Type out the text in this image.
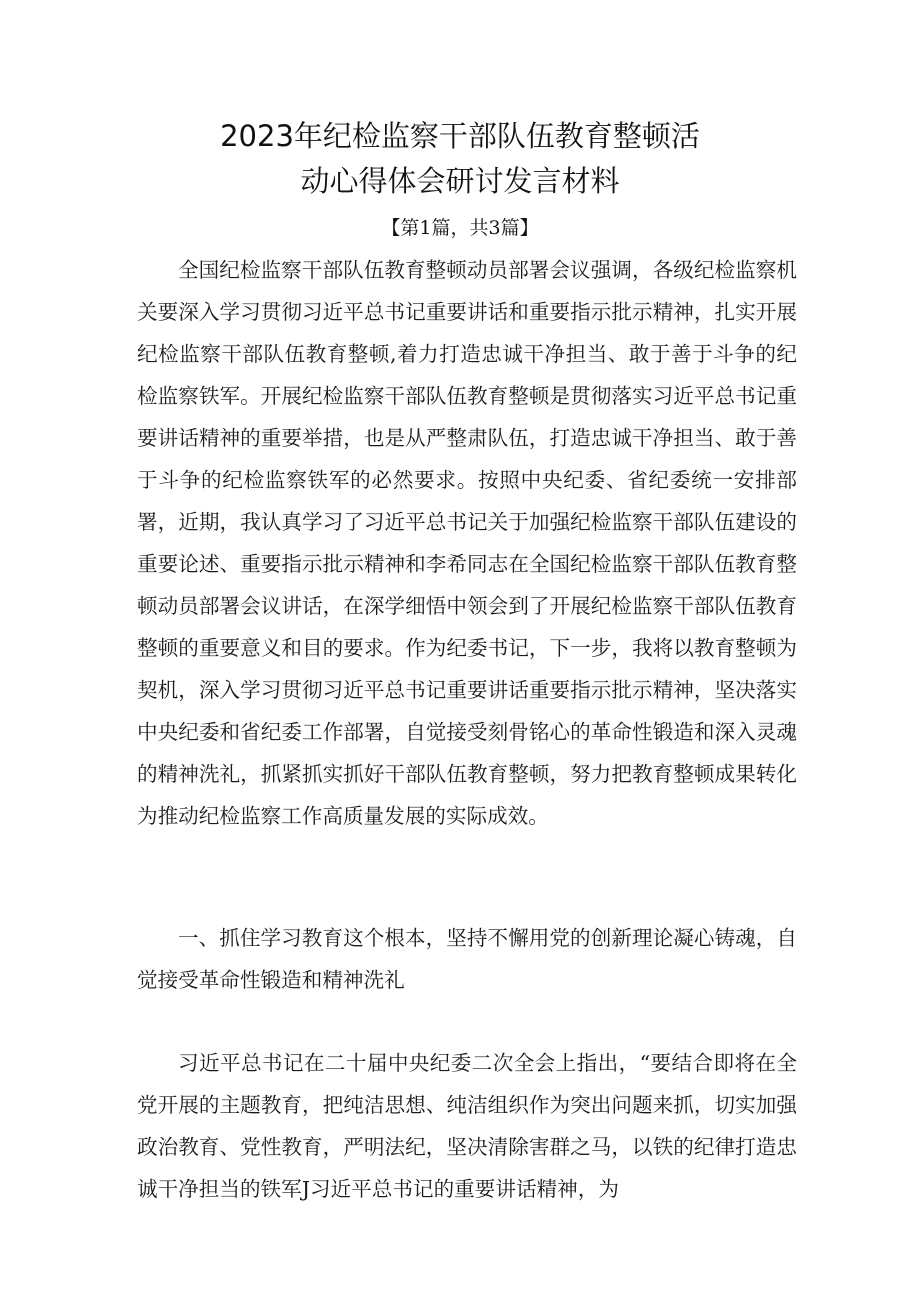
2023年纪检监察干部队伍教育整顿活
动心得体会研讨发言材料
【第1篇，共3篇】

全国纪检监察干部队伍教育整顿动员部署会议强调，各级纪检监察机关要深入学习贯彻习近平总书记重要讲话和重要指示批示精神，扎实开展纪检监察干部队伍教育整顿,着力打造忠诚干净担当、敢于善于斗争的纪检监察铁军。开展纪检监察干部队伍教育整顿是贯彻落实习近平总书记重要讲话精神的重要举措，也是从严整肃队伍，打造忠诚干净担当、敢于善于斗争的纪检监察铁军的必然要求。按照中央纪委、省纪委统一安排部署，近期，我认真学习了习近平总书记关于加强纪检监察干部队伍建设的重要论述、重要指示批示精神和李希同志在全国纪检监察干部队伍教育整顿动员部署会议讲话，在深学细悟中领会到了开展纪检监察干部队伍教育整顿的重要意义和目的要求。作为纪委书记，下一步，我将以教育整顿为契机，深入学习贯彻习近平总书记重要讲话重要指示批示精神，坚决落实中央纪委和省纪委工作部署，自觉接受刻骨铭心的革命性锻造和深入灵魂的精神洗礼，抓紧抓实抓好干部队伍教育整顿，努力把教育整顿成果转化为推动纪检监察工作高质量发展的实际成效。

一、抓住学习教育这个根本，坚持不懈用党的创新理论凝心铸魂，自觉接受革命性锻造和精神洗礼

习近平总书记在二十届中央纪委二次全会上指出，“要结合即将在全党开展的主题教育，把纯洁思想、纯洁组织作为突出问题来抓，切实加强政治教育、党性教育，严明法纪，坚决清除害群之马，以铁的纪律打造忠诚干净担当的铁军J习近平总书记的重要讲话精神，为
